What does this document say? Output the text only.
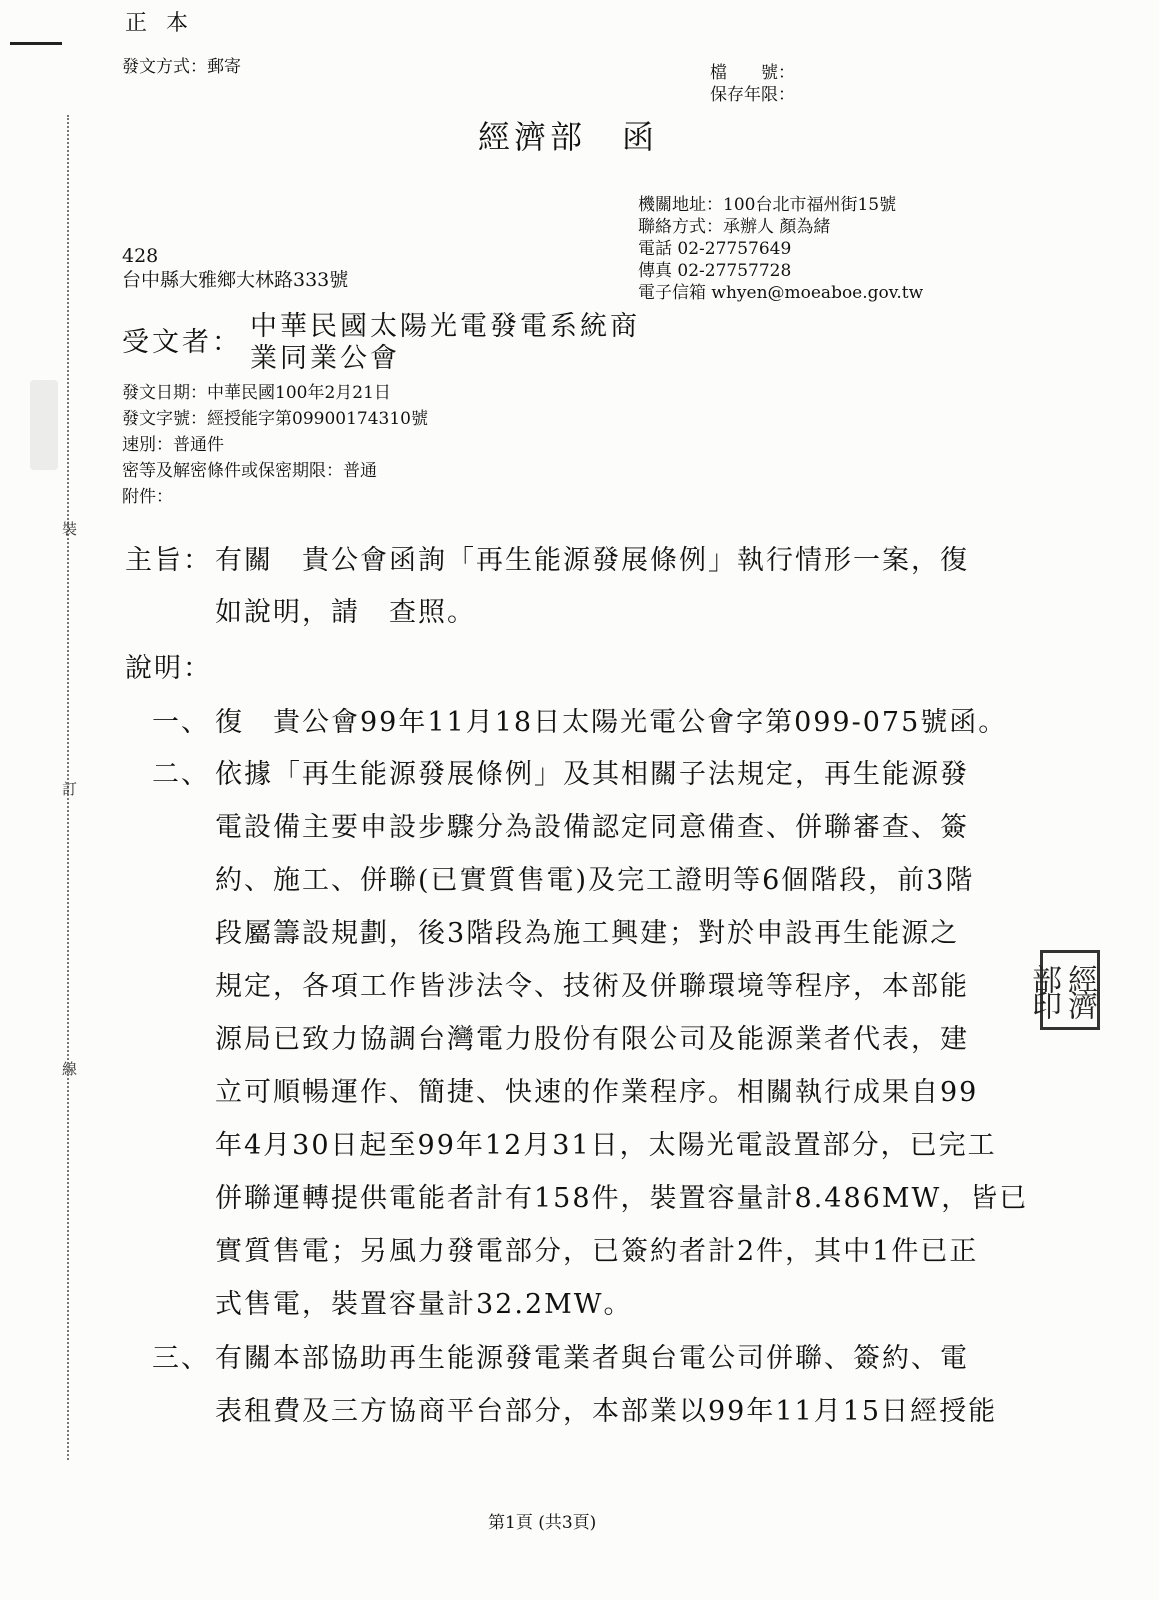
裝
訂
線

正 本

發文方式：郵寄	檔　　號：

保存年限：

經濟部　函
機關地址：100台北市福州街15號
聯絡方式：承辦人 顏為緒
電話 02-27757649
傳真 02-27757728
電子信箱 whyen@moeaboe.gov.tw

428

台中縣大雅鄉大林路333號

受文者：

中華民國太陽光電發電系統商

業同業公會

發文日期：中華民國100年2月21日
發文字號：經授能字第09900174310號
速別：普通件
密等及解密條件或保密期限：普通
附件：

主旨： 有關　貴公會函詢「再生能源發展條例」執行情形一案，復

如說明，請　查照。

說明：

一、 復　貴公會99年11月18日太陽光電公會字第099-075號函。

二、 依據「再生能源發展條例」及其相關子法規定，再生能源發
電設備主要申設步驟分為設備認定同意備查、併聯審查、簽
約、施工、併聯(已實質售電)及完工證明等6個階段，前3階
段屬籌設規劃，後3階段為施工興建；對於申設再生能源之
規定，各項工作皆涉法令、技術及併聯環境等程序，本部能
源局已致力協調台灣電力股份有限公司及能源業者代表，建
立可順暢運作、簡捷、快速的作業程序。相關執行成果自99
年4月30日起至99年12月31日，太陽光電設置部分，已完工
併聯運轉提供電能者計有158件，裝置容量計8.486MW，皆已
實質售電；另風力發電部分，已簽約者計2件，其中1件已正
式售電，裝置容量計32.2MW。

三、 有關本部協助再生能源發電業者與台電公司併聯、簽約、電
表租費及三方協商平台部分，本部業以99年11月15日經授能
經濟部印

第1頁 (共3頁)
